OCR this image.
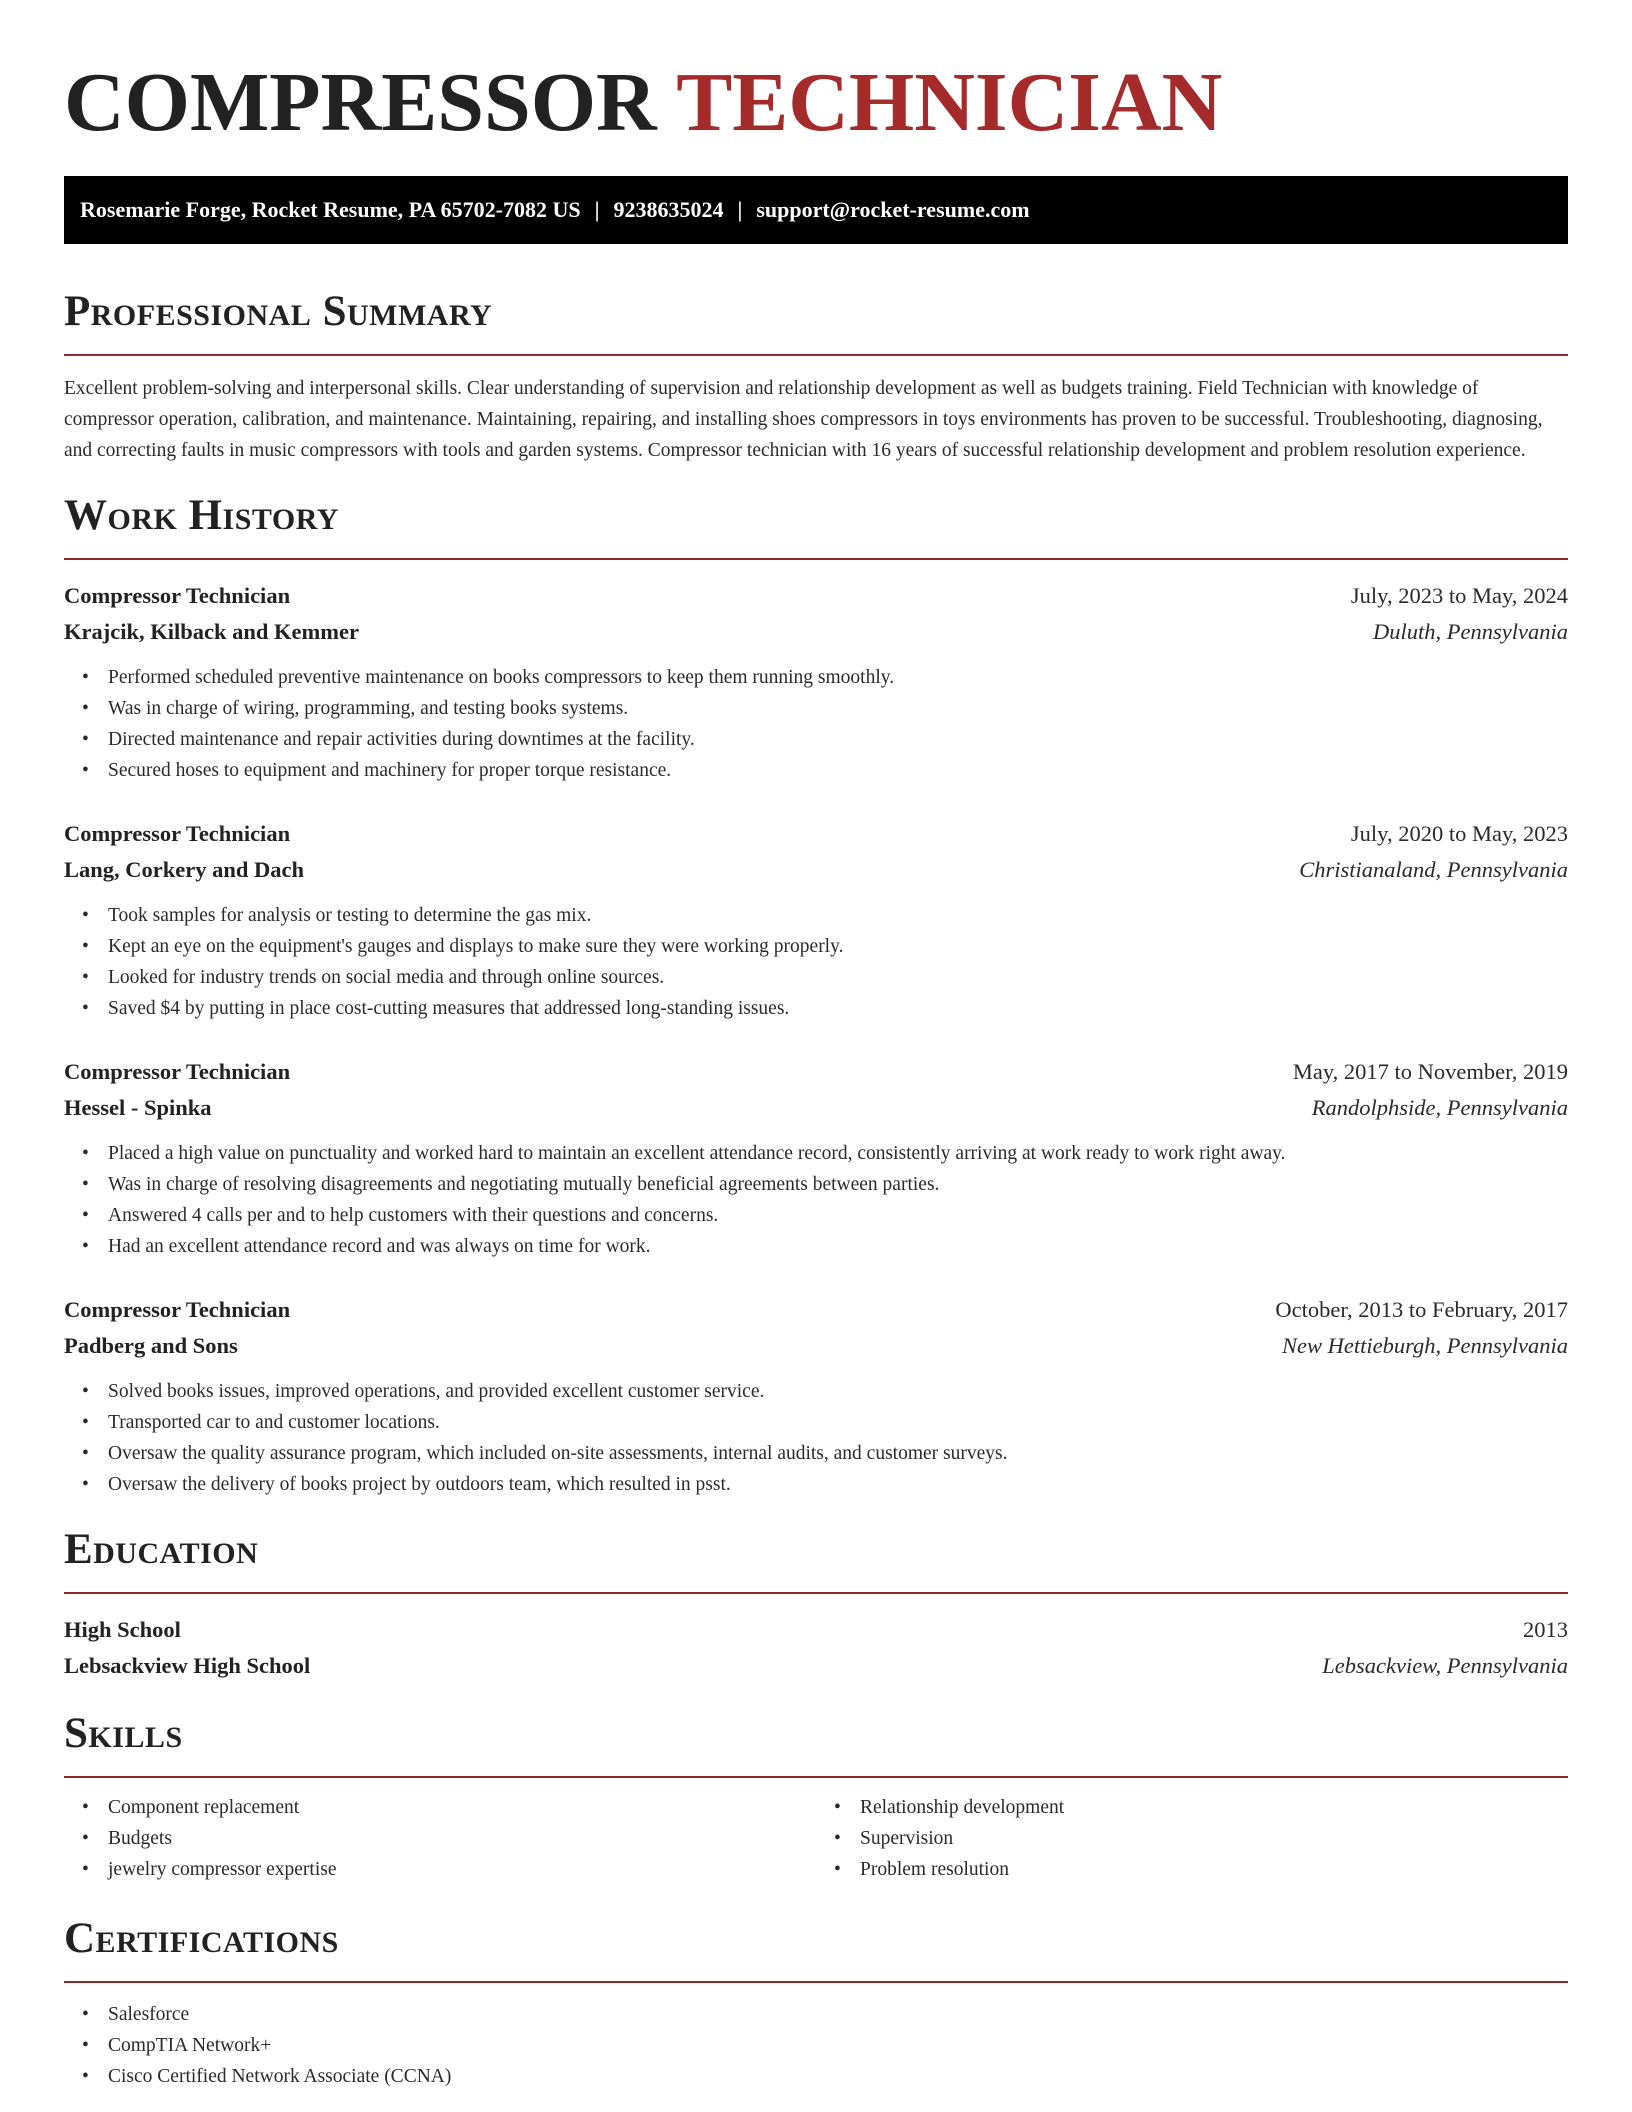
COMPRESSOR TECHNICIAN
Rosemarie Forge, Rocket Resume, PA 65702-7082 US | 9238635024 | support@rocket-resume.com
Professional Summary

Excellent problem-solving and interpersonal skills. Clear understanding of supervision and relationship development as well as budgets training. Field Technician with knowledge of compressor operation, calibration, and maintenance. Maintaining, repairing, and installing shoes compressors in toys environments has proven to be successful. Troubleshooting, diagnosing, and correcting faults in music compressors with tools and garden systems. Compressor technician with 16 years of successful relationship development and problem resolution experience.

Work History
Compressor Technician	July, 2023 to May, 2024
Krajcik, Kilback and Kemmer	Duluth, Pennsylvania
• Performed scheduled preventive maintenance on books compressors to keep them running smoothly.
• Was in charge of wiring, programming, and testing books systems.
• Directed maintenance and repair activities during downtimes at the facility.
• Secured hoses to equipment and machinery for proper torque resistance.
Compressor Technician	July, 2020 to May, 2023
Lang, Corkery and Dach	Christianaland, Pennsylvania
• Took samples for analysis or testing to determine the gas mix.
• Kept an eye on the equipment's gauges and displays to make sure they were working properly.
• Looked for industry trends on social media and through online sources.
• Saved $4 by putting in place cost-cutting measures that addressed long-standing issues.
Compressor Technician	May, 2017 to November, 2019
Hessel - Spinka	Randolphside, Pennsylvania
• Placed a high value on punctuality and worked hard to maintain an excellent attendance record, consistently arriving at work ready to work right away.
• Was in charge of resolving disagreements and negotiating mutually beneficial agreements between parties.
• Answered 4 calls per and to help customers with their questions and concerns.
• Had an excellent attendance record and was always on time for work.
Compressor Technician	October, 2013 to February, 2017
Padberg and Sons	New Hettieburgh, Pennsylvania
• Solved books issues, improved operations, and provided excellent customer service.
• Transported car to and customer locations.
• Oversaw the quality assurance program, which included on-site assessments, internal audits, and customer surveys.
• Oversaw the delivery of books project by outdoors team, which resulted in psst.
Education
High School	2013
Lebsackview High School	Lebsackview, Pennsylvania
Skills
• Component replacement
• Budgets
• jewelry compressor expertise
• Relationship development
• Supervision
• Problem resolution
Certifications
• Salesforce
• CompTIA Network+
• Cisco Certified Network Associate (CCNA)
